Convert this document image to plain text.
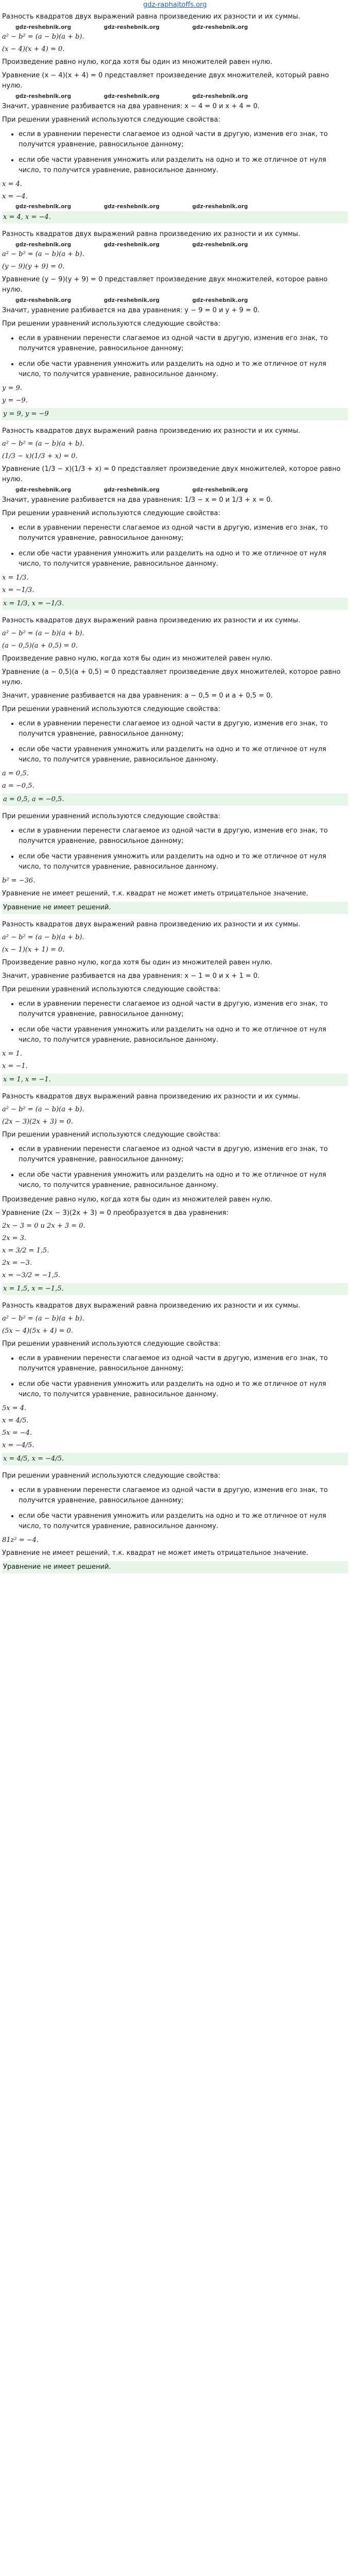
gdz-raphajtoffs.org
Разность квадратов двух выражений равна произведению их разности и их суммы.
gdz-reshebnik.org gdz-reshebnik.org gdz-reshebnik.org
a² − b² = (a − b)(a + b).
(x − 4)(x + 4) = 0.
Произведение равно нулю, когда хотя бы один из множителей равен нулю.
Уравнение (x − 4)(x + 4) = 0 представляет произведение двух множителей, который равно нулю.
gdz-reshebnik.org gdz-reshebnik.org gdz-reshebnik.org
Значит, уравнение разбивается на два уравнения: x − 4 = 0 и x + 4 = 0.
При решении уравнений используются следующие свойства:
• если в уравнении перенести слагаемое из одной части в другую, изменив его знак, то получится уравнение, равносильное данному;
• если обе части уравнения умножить или разделить на одно и то же отличное от нуля число, то получится уравнение, равносильное данному.
x = 4.
x = −4.
gdz-reshebnik.org gdz-reshebnik.org gdz-reshebnik.org
x = 4, x = −4.
Разность квадратов двух выражений равна произведению их разности и их суммы.
gdz-reshebnik.org gdz-reshebnik.org gdz-reshebnik.org
a² − b² = (a − b)(a + b).
(y − 9)(y + 9) = 0.
Уравнение (y − 9)(y + 9) = 0 представляет произведение двух множителей, которое равно нулю.
gdz-reshebnik.org gdz-reshebnik.org gdz-reshebnik.org
Значит, уравнение разбивается на два уравнения: y − 9 = 0 и y + 9 = 0.
При решении уравнений используются следующие свойства:
• если в уравнении перенести слагаемое из одной части в другую, изменив его знак, то получится уравнение, равносильное данному;
• если обе части уравнения умножить или разделить на одно и то же отличное от нуля число, то получится уравнение, равносильное данному.
y = 9.
y = −9.
y = 9, y = −9
Разность квадратов двух выражений равна произведению их разности и их суммы.
a² − b² = (a − b)(a + b).
(1/3 − x)(1/3 + x) = 0.
Уравнение (1/3 − x)(1/3 + x) = 0 представляет произведение двух множителей, которое равно нулю.
gdz-reshebnik.org gdz-reshebnik.org gdz-reshebnik.org
Значит, уравнение разбивается на два уравнения: 1/3 − x = 0 и 1/3 + x = 0.
При решении уравнений используются следующие свойства:
• если в уравнении перенести слагаемое из одной части в другую, изменив его знак, то получится уравнение, равносильное данному;
• если обе части уравнения умножить или разделить на одно и то же отличное от нуля число, то получится уравнение, равносильное данному.
x = 1/3.
x = −1/3.
x = 1/3, x = −1/3.
Разность квадратов двух выражений равна произведению их разности и их суммы.
a² − b² = (a − b)(a + b).
(a − 0,5)(a + 0,5) = 0.
Произведение равно нулю, когда хотя бы один из множителей равен нулю.
Уравнение (a − 0,5)(a + 0,5) = 0 представляет произведение двух множителей, которое равно нулю.
Значит, уравнение разбивается на два уравнения: a − 0,5 = 0 и a + 0,5 = 0.
При решении уравнений используются следующие свойства:
• если в уравнении перенести слагаемое из одной части в другую, изменив его знак, то получится уравнение, равносильное данному;
• если обе части уравнения умножить или разделить на одно и то же отличное от нуля число, то получится уравнение, равносильное данному.
a = 0,5.
a = −0,5.
a = 0,5, a = −0,5.
При решении уравнений используются следующие свойства:
• если в уравнении перенести слагаемое из одной части в другую, изменив его знак, то получится уравнение, равносильное данному;
• если обе части уравнения умножить или разделить на одно и то же отличное от нуля число, то получится уравнение, равносильное данному.
b² = −36.
Уравнение не имеет решений, т.к. квадрат не может иметь отрицательное значение.
Уравнение не имеет решений.
Разность квадратов двух выражений равна произведению их разности и их суммы.
a² − b² = (a − b)(a + b).
(x − 1)(x + 1) = 0.
Произведение равно нулю, когда хотя бы один из множителей равен нулю.
Значит, уравнение разбивается на два уравнения: x − 1 = 0 и x + 1 = 0.
При решении уравнений используются следующие свойства:
• если в уравнении перенести слагаемое из одной части в другую, изменив его знак, то получится уравнение, равносильное данному;
• если обе части уравнения умножить или разделить на одно и то же отличное от нуля число, то получится уравнение, равносильное данному.
x = 1.
x = −1.
x = 1, x = −1.
Разность квадратов двух выражений равна произведению их разности и их суммы.
a² − b² = (a − b)(a + b).
(2x − 3)(2x + 3) = 0.
При решении уравнений используются следующие свойства:
• если в уравнении перенести слагаемое из одной части в другую, изменив его знак, то получится уравнение, равносильное данному;
• если обе части уравнения умножить или разделить на одно и то же отличное от нуля число, то получится уравнение, равносильное данному.
Произведение равно нулю, когда хотя бы один из множителей равен нулю.
Уравнение (2x − 3)(2x + 3) = 0 преобразуется в два уравнения:
2x − 3 = 0 и 2x + 3 = 0.
2x = 3.
x = 3/2 = 1,5.
2x = −3.
x = −3/2 = −1,5.
x = 1,5, x = −1,5.
Разность квадратов двух выражений равна произведению их разности и их суммы.
a² − b² = (a − b)(a + b).
(5x − 4)(5x + 4) = 0.
При решении уравнений используются следующие свойства:
• если в уравнении перенести слагаемое из одной части в другую, изменив его знак, то получится уравнение, равносильное данному;
• если обе части уравнения умножить или разделить на одно и то же отличное от нуля число, то получится уравнение, равносильное данному.
5x = 4.
x = 4/5.
5x = −4.
x = −4/5.
x = 4/5, x = −4/5.
При решении уравнений используются следующие свойства:
• если в уравнении перенести слагаемое из одной части в другую, изменив его знак, то получится уравнение, равносильное данному;
• если обе части уравнения умножить или разделить на одно и то же отличное от нуля число, то получится уравнение, равносильное данному.
81z² = −4.
Уравнение не имеет решений, т.к. квадрат не может иметь отрицательное значение.
Уравнение не имеет решений.
